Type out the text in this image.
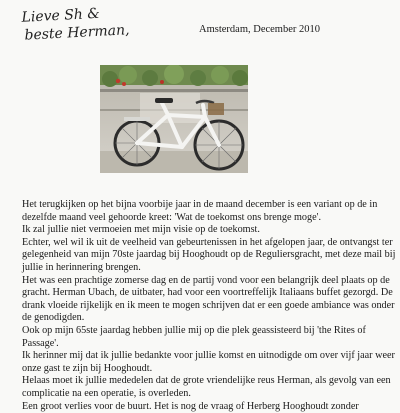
Lieve Sh &
beste Herman,	Amsterdam, December 2010

Het terugkijken op het bijna voorbije jaar in de maand december is een variant op de in dezelfde maand veel gehoorde kreet: 'Wat de toekomst ons brenge moge'.

Ik zal jullie niet vermoeien met mijn visie op de toekomst.

Echter, wel wil ik uit de veelheid van gebeurtenissen in het afgelopen jaar, de ontvangst ter gelegenheid van mijn 70ste jaardag bij Hooghoudt op de Reguliersgracht, met deze mail bij jullie in herinnering brengen.

Het was een prachtige zomerse dag en de partij vond voor een belangrijk deel plaats op de gracht. Herman Ubach, de uitbater, had voor een voortreffelijk Italiaans buffet gezorgd. De drank vloeide rijkelijk en ik meen te mogen schrijven dat er een goede ambiance was onder de genodigden.

Ook op mijn 65ste jaardag hebben jullie mij op die plek geassisteerd bij 'the Rites of Passage'.

Ik herinner mij dat ik jullie bedankte voor jullie komst en uitnodigde om over vijf jaar weer onze gast te zijn bij Hooghoudt.

Helaas moet ik jullie mededelen dat de grote vriendelijke reus Herman, als gevolg van een complicatie na een operatie, is overleden.

Een groot verlies voor de buurt. Het is nog de vraag of Herberg Hooghoudt zonder
